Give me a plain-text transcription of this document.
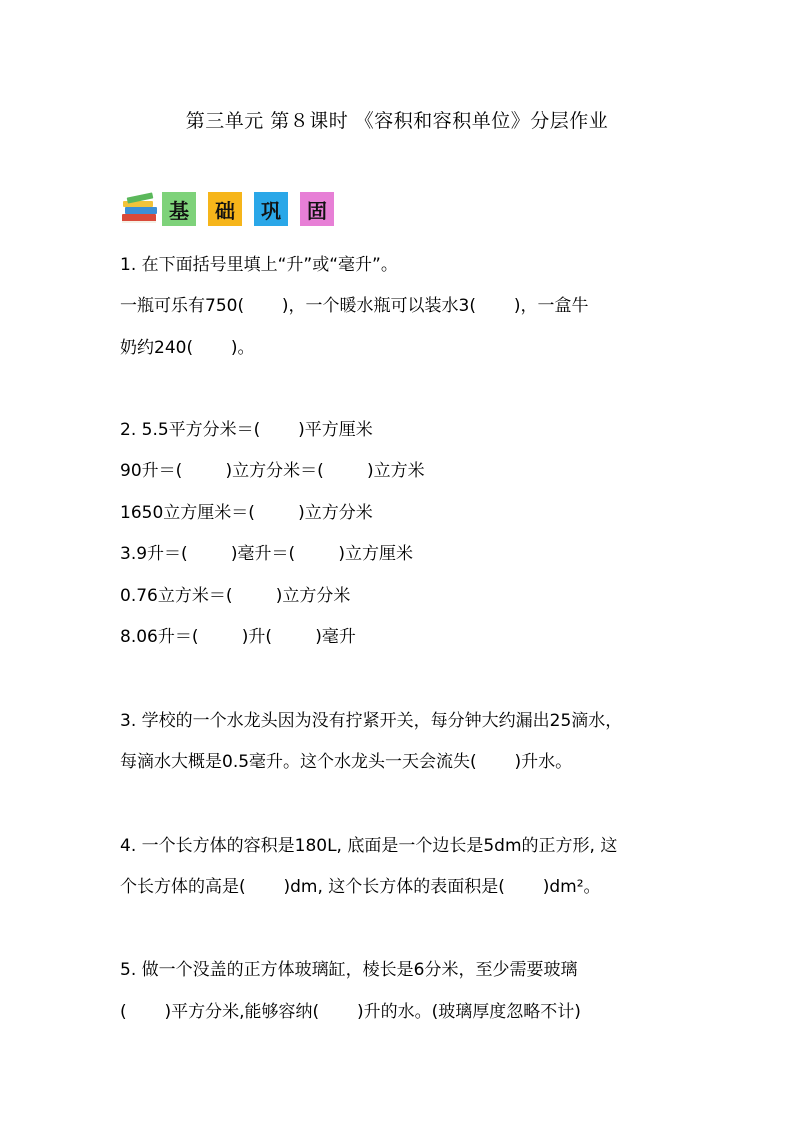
第三单元 第８课时 《容积和容积单位》分层作业
基	础	巩	固
1. 在下面括号里填上“升”或“毫升”。
一瓶可乐有750(       )，一个暖水瓶可以装水3(       )，一盒牛
奶约240(       )。
2. 5.5平方分米＝(       )平方厘米
90升＝(        )立方分米＝(        )立方米
1650立方厘米＝(        )立方分米
3.9升＝(        )毫升＝(        )立方厘米
0.76立方米＝(        )立方分米
8.06升＝(        )升(        )毫升
3. 学校的一个水龙头因为没有拧紧开关，每分钟大约漏出25滴水，
每滴水大概是0.5毫升。这个水龙头一天会流失(       )升水。
4. 一个长方体的容积是180L, 底面是一个边长是5dm的正方形, 这
个长方体的高是(       )dm, 这个长方体的表面积是(       )dm²。
5. 做一个没盖的正方体玻璃缸，棱长是6分米，至少需要玻璃
(       )平方分米,能够容纳(       )升的水。(玻璃厚度忽略不计)
